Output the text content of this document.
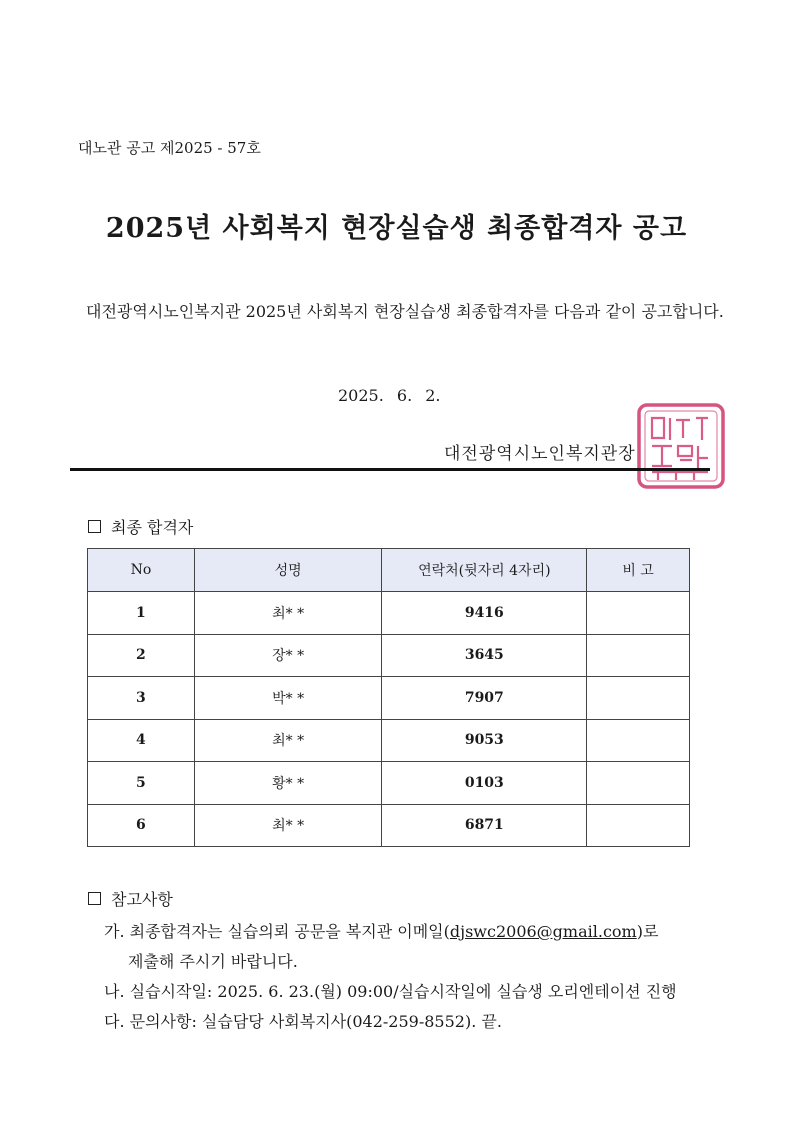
대노관 공고 제2025 - 57호
2025년 사회복지 현장실습생 최종합격자 공고
대전광역시노인복지관 2025년 사회복지 현장실습생 최종합격자를 다음과 같이 공고합니다.
2025. 6. 2.
대전광역시노인복지관장
최종 합격자
No	성명	연락처(뒷자리 4자리)	비 고
1	최* *	9416	
2	장* *	3645	
3	박* *	7907	
4	최* *	9053	
5	황* *	0103	
6	최* *	6871	
참고사항
가. 최종합격자는 실습의뢰 공문을 복지관 이메일(djswc2006@gmail.com)로
제출해 주시기 바랍니다.
나. 실습시작일: 2025. 6. 23.(월) 09:00/실습시작일에 실습생 오리엔테이션 진행
다. 문의사항: 실습담당 사회복지사(042-259-8552). 끝.
